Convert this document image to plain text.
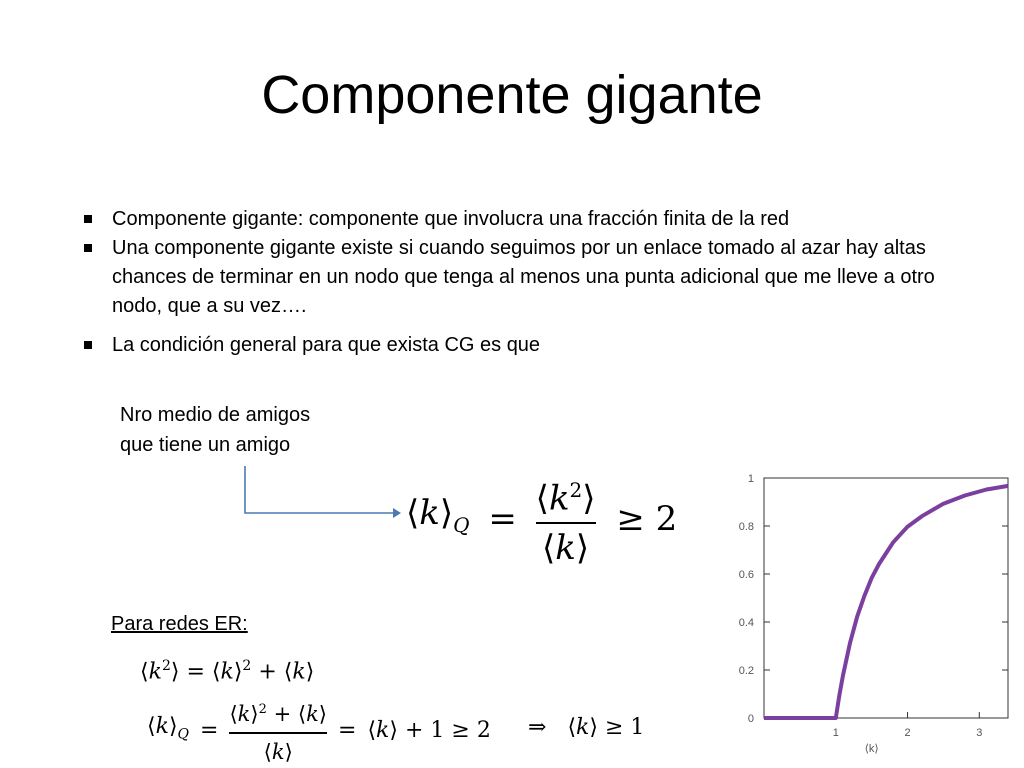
Componente gigante
Componente gigante: componente que involucra una fracción finita de la red
Una componente gigante existe si cuando seguimos por un enlace tomado al azar hay altas chances de terminar en un nodo que tenga al menos una punta adicional que me lleve a otro nodo, que a su vez….
La condición general para que exista CG es que
Nro medio de amigos
que tiene un amigo
$⟨k⟩_Q = \frac{⟨k^2⟩}{⟨k⟩} \ge 2$
Para redes ER:
$⟨k^2⟩$ = ⟨k⟩$^2$ + ⟨k⟩
$⟨k⟩_Q = \frac{⟨k⟩^2 + ⟨k⟩}{⟨k⟩}$ = ⟨k⟩ + 1 ≥ 2 ⇒ ⟨k⟩ ≥ 1
0.2
0.4
0.6
0.8
1
0
1	2	3
⟨k⟩
